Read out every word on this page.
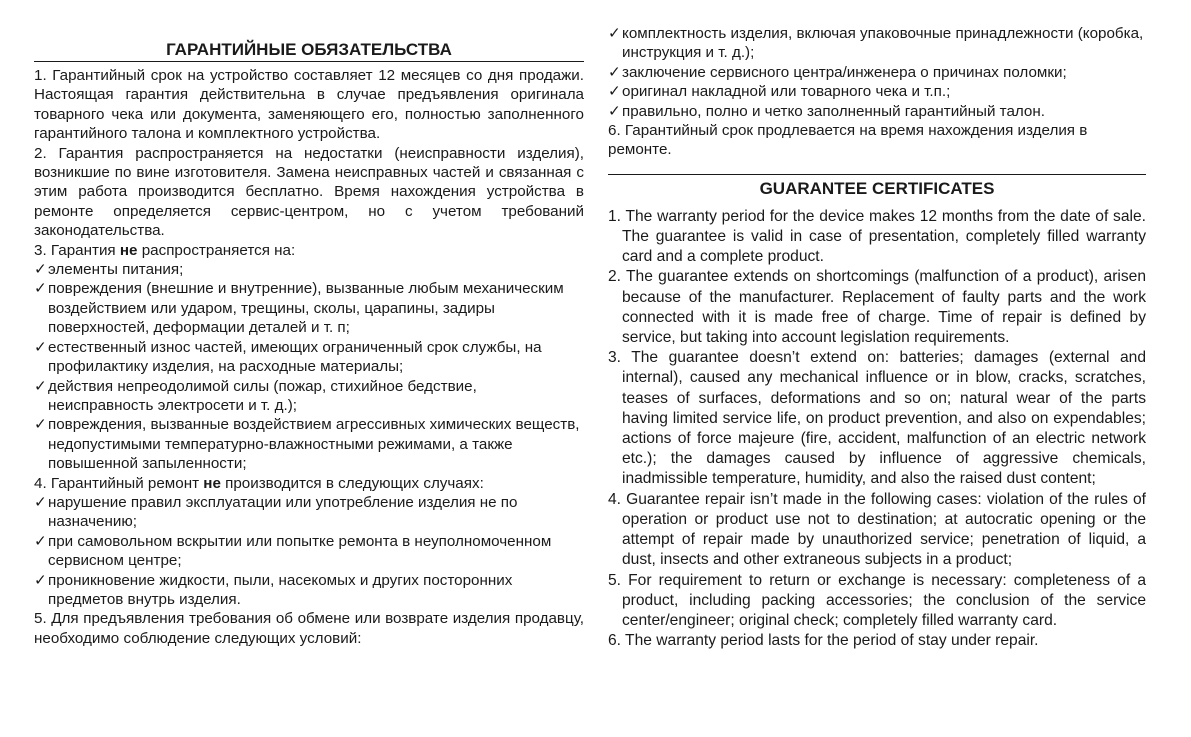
ГАРАНТИЙНЫЕ ОБЯЗАТЕЛЬСТВА
1. Гарантийный срок на устройство составляет 12 месяцев со дня продажи. Настоящая гарантия действительна в случае предъявления оригинала товарного чека или документа, заменяющего его, полностью заполненного гарантийного талона и комплектного устройства.
2. Гарантия распространяется на недостатки (неисправности изделия), возникшие по вине изготовителя. Замена неисправных частей и связанная с этим работа производится бесплатно. Время нахождения устройства в ремонте определяется сервис-центром, но с учетом требований законодательства.
3. Гарантия не распространяется на:
✓элементы питания;
✓повреждения (внешние и внутренние), вызванные любым механическим воздействием или ударом, трещины, сколы, царапины, задиры поверхностей, деформации деталей и т. п;
✓естественный износ частей, имеющих ограниченный срок службы, на профилактику изделия, на расходные материалы;
✓действия непреодолимой силы (пожар, стихийное бедствие, неисправность электросети и т. д.);
✓повреждения, вызванные воздействием агрессивных химических веществ, недопустимыми температурно-влажностными режимами, а также повышенной запыленности;
4. Гарантийный ремонт не производится в следующих случаях:
✓нарушение правил эксплуатации или употребление изделия не по назначению;
✓при самовольном вскрытии или попытке ремонта в неуполномоченном сервисном центре;
✓проникновение жидкости, пыли, насекомых и других посторонних предметов внутрь изделия.
5. Для предъявления требования об обмене или возврате изделия продавцу, необходимо соблюдение следующих условий:
✓комплектность изделия, включая упаковочные принадлежности (коробка, инструкция и т. д.);
✓заключение сервисного центра/инженера о причинах поломки;
✓оригинал накладной или товарного чека и т.п.;
✓правильно, полно и четко заполненный гарантийный талон.
6. Гарантийный срок продлевается на время нахождения изделия в ремонте.
GUARANTEE CERTIFICATES
1. The warranty period for the device makes 12 months from the date of sale. The guarantee is valid in case of presentation, completely filled warranty card and a complete product.
2. The guarantee extends on shortcomings (malfunction of a product), arisen because of the manufacturer. Replacement of faulty parts and the work connected with it is made free of charge. Time of repair is defined by service, but taking into account legislation requirements.
3. The guarantee doesn’t extend on: batteries; damages (external and internal), caused any mechanical influence or in blow, cracks, scratches, teases of surfaces, deformations and so on; natural wear of the parts having limited service life, on product prevention, and also on expendables; actions of force majeure (fire, accident, malfunction of an electric network etc.); the damages caused by influence of aggressive chemicals, inadmissible temperature, humidity, and also the raised dust content;
4. Guarantee repair isn’t made in the following cases: violation of the rules of operation or product use not to destination; at autocratic opening or the attempt of repair made by unauthorized service; penetration of liquid, a dust, insects and other extraneous subjects in a product;
5. For requirement to return or exchange is necessary: completeness of a product, including packing accessories; the conclusion of the service center/engineer; original check; completely filled warranty card.
6. The warranty period lasts for the period of stay under repair.
